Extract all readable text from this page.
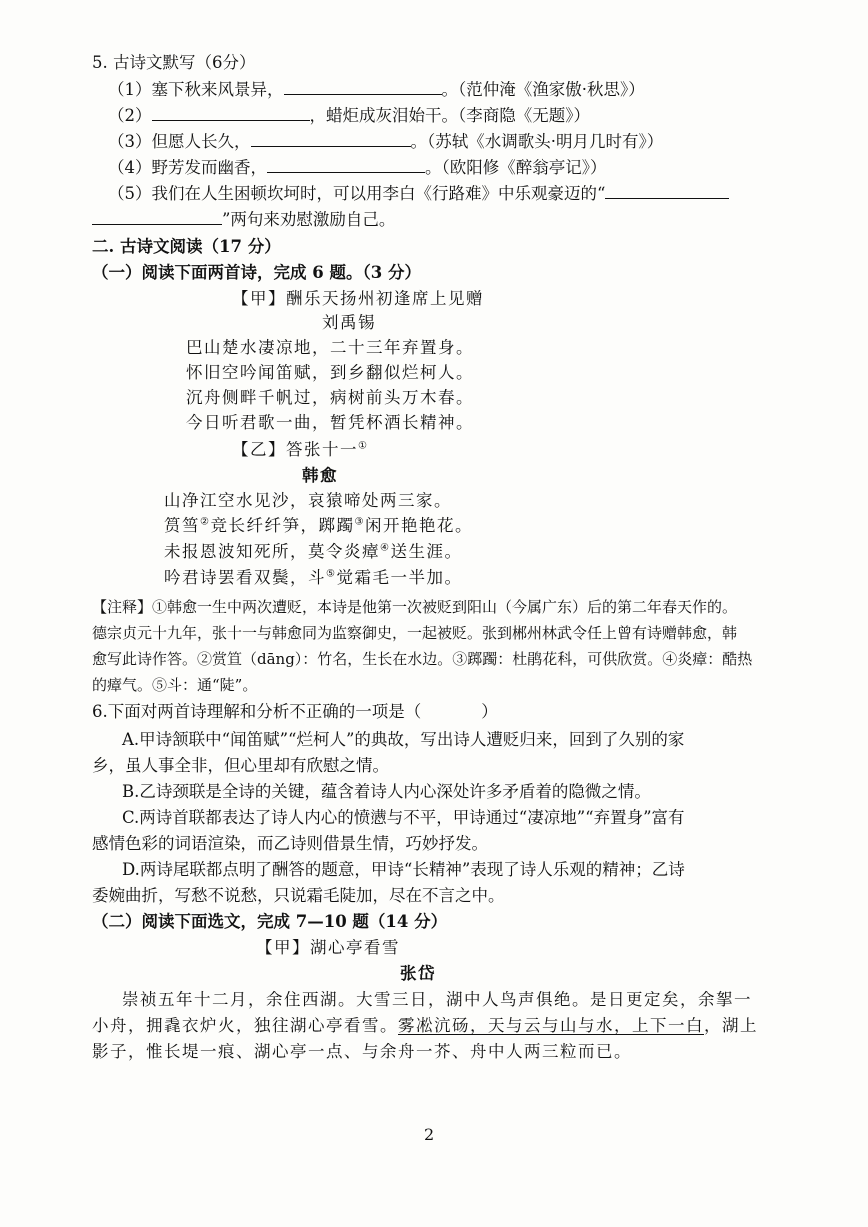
5. 古诗文默写（6分）
（1）塞下秋来风景异，	。（范仲淹《渔家傲·秋思》）
（2）	，蜡炬成灰泪始干。（李商隐《无题》）
（3）但愿人长久，	。（苏轼《水调歌头·明月几时有》）
（4）野芳发而幽香，	。（欧阳修《醉翁亭记》）
（5）我们在人生困顿坎坷时，可以用李白《行路难》中乐观豪迈的“
”两句来劝慰激励自己。
二. 古诗文阅读（17 分）
（一）阅读下面两首诗，完成 6 题。（3 分）
【甲】酬乐天扬州初逢席上见赠
刘禹锡
巴山楚水凄凉地，二十三年弃置身。
怀旧空吟闻笛赋，到乡翻似烂柯人。
沉舟侧畔千帆过，病树前头万木春。
今日听君歌一曲，暂凭杯酒长精神。
【乙】答张十一①
韩愈
山净江空水见沙，哀猿啼处两三家。
筼筜②竞长纤纤笋，踯躅③闲开艳艳花。
未报恩波知死所，莫令炎瘴④送生涯。
吟君诗罢看双鬓，斗⑤觉霜毛一半加。
【注释】①韩愈一生中两次遭贬，本诗是他第一次被贬到阳山（今属广东）后的第二年春天作的。
德宗贞元十九年，张十一与韩愈同为监察御史，一起被贬。张到郴州林武令任上曾有诗赠韩愈，韩
愈写此诗作答。②赏笪（dāng）：竹名，生长在水边。③踯躅：杜鹃花科，可供欣赏。④炎瘴：酷热
的瘴气。⑤斗：通“陡”。
6.下面对两首诗理解和分析不正确的一项是（	）
A.甲诗颔联中“闻笛赋”“烂柯人”的典故，写出诗人遭贬归来，回到了久别的家
乡，虽人事全非，但心里却有欣慰之情。
B.乙诗颈联是全诗的关键，蕴含着诗人内心深处许多矛盾着的隐微之情。
C.两诗首联都表达了诗人内心的愤懑与不平，甲诗通过“凄凉地”“弃置身”富有
感情色彩的词语渲染，而乙诗则借景生情，巧妙抒发。
D.两诗尾联都点明了酬答的题意，甲诗“长精神”表现了诗人乐观的精神；乙诗
委婉曲折，写愁不说愁，只说霜毛陡加，尽在不言之中。
（二）阅读下面选文，完成 7—10 题（14 分）
【甲】湖心亭看雪
张岱
崇祯五年十二月，余住西湖。大雪三日，湖中人鸟声俱绝。是日更定矣，余挐一
小舟，拥毳衣炉火，独往湖心亭看雪。雾凇沆砀，天与云与山与水，上下一白，湖上
影子，惟长堤一痕、湖心亭一点、与余舟一芥、舟中人两三粒而已。
2
